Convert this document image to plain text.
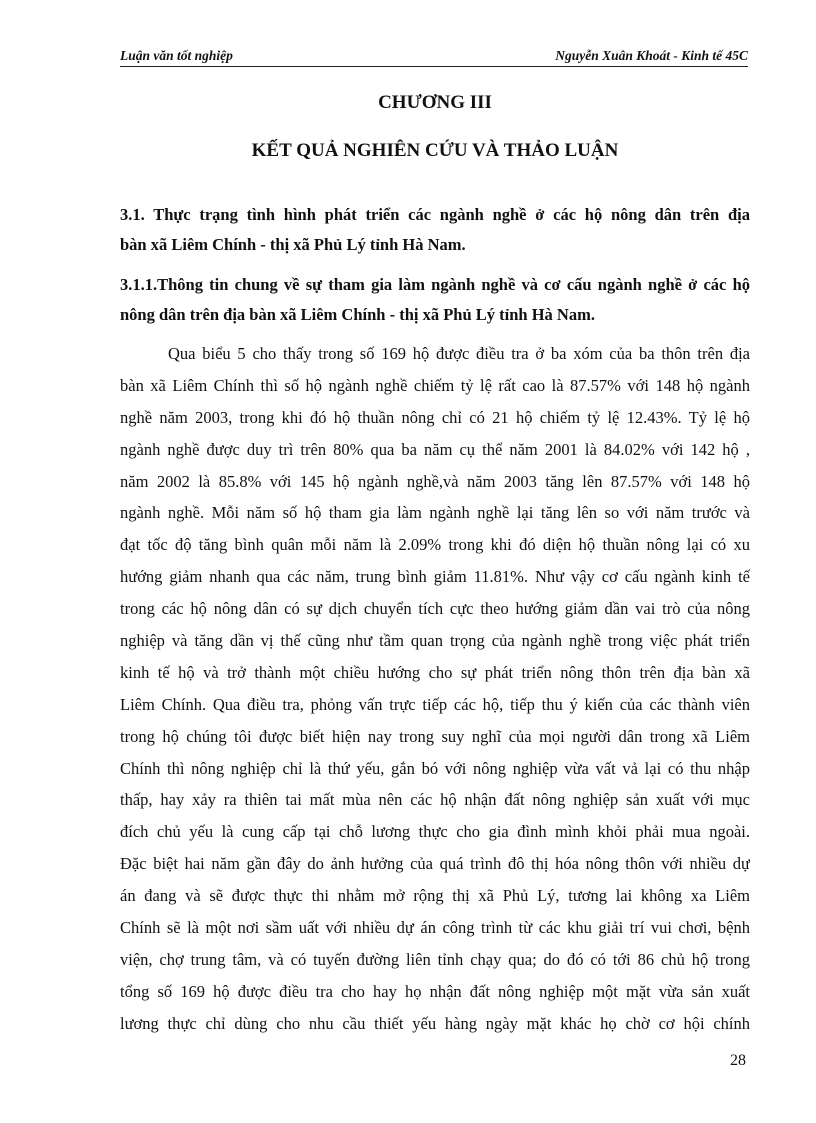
Luận văn tốt nghiệp	Nguyễn Xuân Khoát - Kinh tế 45C
CHƯƠNG III
KẾT QUẢ NGHIÊN CỨU VÀ THẢO LUẬN
3.1. Thực trạng tình hình phát triển các ngành nghề ở các hộ nông dân trên địa
bàn xã Liêm Chính - thị xã Phủ Lý tỉnh Hà Nam.
3.1.1.Thông tin chung về sự tham gia làm ngành nghề và cơ cấu ngành nghề ở các hộ
nông dân trên địa bàn xã Liêm Chính - thị xã Phủ Lý tỉnh Hà Nam.
Qua biểu 5 cho thấy trong số 169 hộ được điều tra ở ba xóm của ba thôn trên địa
bàn xã Liêm Chính thì số hộ ngành nghề chiếm tỷ lệ rất cao là 87.57% với 148 hộ ngành
nghề năm 2003, trong khi đó hộ thuần nông chỉ có 21 hộ chiếm tỷ lệ 12.43%. Tỷ lệ hộ
ngành nghề được duy trì trên 80% qua ba năm cụ thể năm 2001 là 84.02% với 142 hộ ,
năm 2002 là 85.8% với 145 hộ ngành nghề,và năm 2003 tăng lên 87.57% với 148 hộ
ngành nghề. Mỗi năm số hộ tham gia làm ngành nghề lại tăng lên so với năm trước và
đạt tốc độ tăng bình quân mỗi năm là 2.09% trong khi đó diện hộ thuần nông lại có xu
hướng giảm nhanh qua các năm, trung bình giảm 11.81%. Như vậy cơ cấu ngành kinh tế
trong các hộ nông dân có sự dịch chuyển tích cực theo hướng giảm dần vai trò của nông
nghiệp và tăng dần vị thế cũng như tầm quan trọng của ngành nghề trong việc phát triển
kinh tế hộ và trở thành một chiều hướng cho sự phát triển nông thôn trên địa bàn xã
Liêm Chính. Qua điều tra, phỏng vấn trực tiếp các hộ, tiếp thu ý kiến của các thành viên
trong hộ chúng tôi được biết hiện nay trong suy nghĩ của mọi người dân trong xã Liêm
Chính thì nông nghiệp chỉ là thứ yếu, gắn bó với nông nghiệp vừa vất vả lại có thu nhập
thấp, hay xảy ra thiên tai mất mùa nên các hộ nhận đất nông nghiệp sản xuất với mục
đích chủ yếu là cung cấp tại chỗ lương thực cho gia đình mình khỏi phải mua ngoài.
Đặc biệt hai năm gần đây do ảnh hưởng của quá trình đô thị hóa nông thôn với nhiều dự
án đang và sẽ được thực thi nhằm mở rộng thị xã Phủ Lý, tương lai không xa Liêm
Chính sẽ là một nơi sầm uất với nhiều dự án công trình từ các khu giải trí vui chơi, bệnh
viện, chợ trung tâm, và có tuyến đường liên tỉnh chạy qua; do đó có tới 86 chủ hộ trong
tổng số 169 hộ được điều tra cho hay họ nhận đất nông nghiệp một mặt vừa sản xuất
lương thực chỉ dùng cho nhu cầu thiết yếu hàng ngày mặt khác họ chờ cơ hội chính
28
